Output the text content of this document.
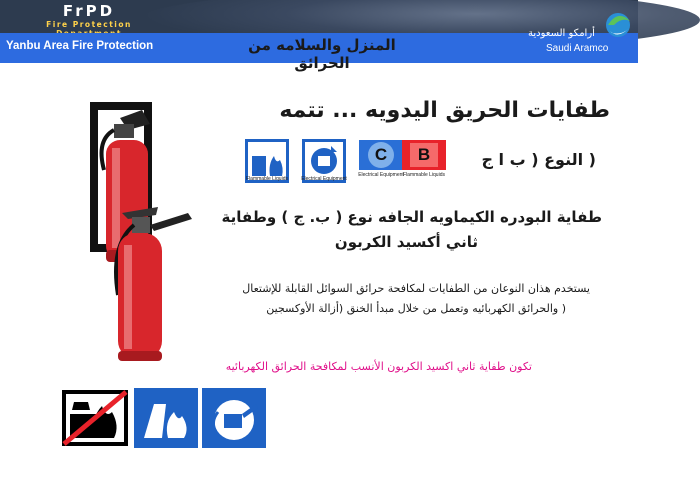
FrPD
Fire Protection
Yanbu Area Fire Protection	المنزل والسلامه من الحرائق
أرامكو السعودية
Saudi Aramco
طفايات الحريق اليدويه ... تتمه
Flammable Liquids	Electrical Equipment
C
Electrical Equipment
B
Flammable Liquids
( النوع ( ب ا ج
طفاية البودره الكيماويه الجافه نوع ( ب. ج ) وطفاية
ثاني أكسيد الكربون
يستخدم هذان النوعان من الطفايات لمكافحة حرائق السوائل القابلة للإشتعال
( والحرائق الكهربائيه وتعمل من خلال مبدأ الخنق (أزالة الأوكسجين
تكون طفاية ثاني اكسيد الكربون الأنسب لمكافحة الحرائق الكهربائيه
